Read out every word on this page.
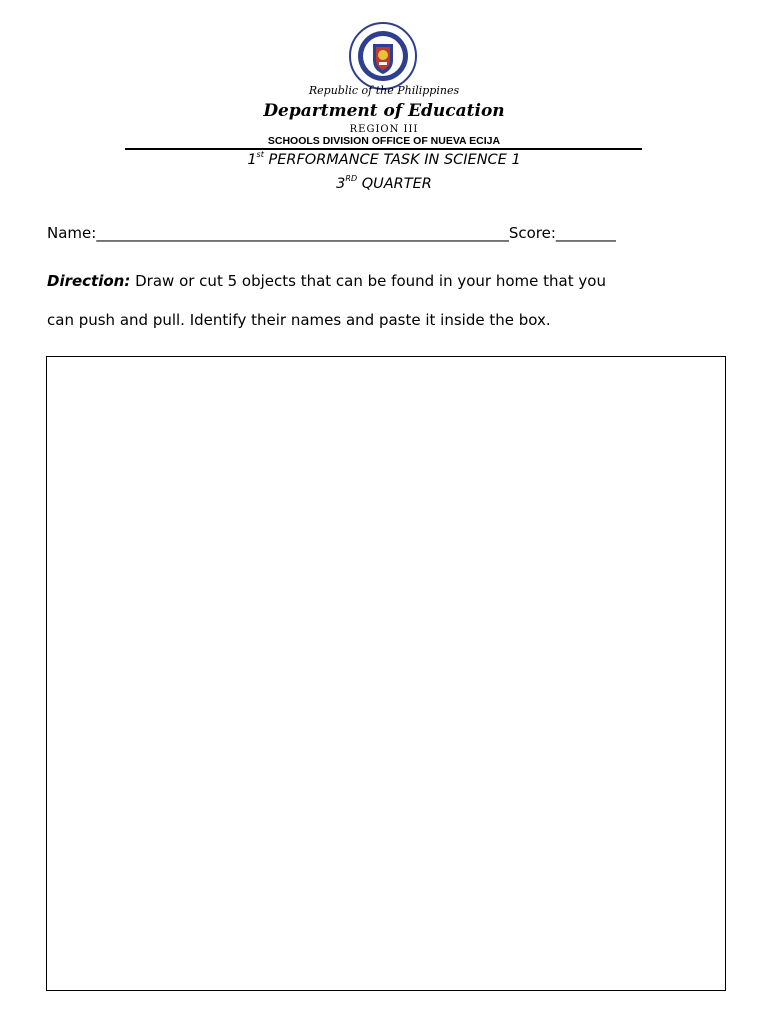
Republic of the Philippines
Department of Education
REGION III
SCHOOLS DIVISION OFFICE OF NUEVA ECIJA
1st PERFORMANCE TASK IN SCIENCE 1
3RD QUARTER
Name:_______________________________________________________Score:________
Direction: Draw or cut 5 objects that can be found in your home that you
can push and pull. Identify their names and paste it inside the box.
